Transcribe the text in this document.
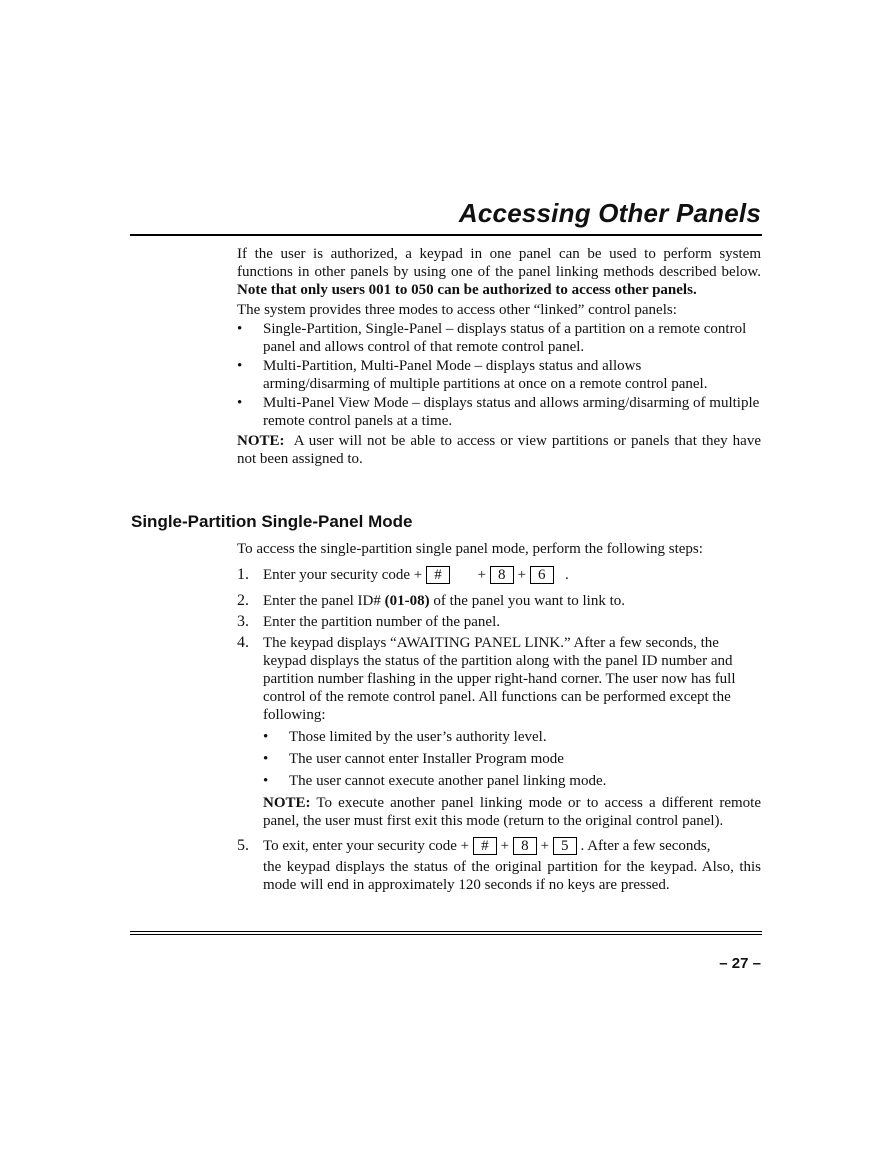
Accessing Other Panels

If the user is authorized, a keypad in one panel can be used to perform system functions in other panels by using one of the panel linking methods described below. Note that only users 001 to 050 can be authorized to access other panels.

The system provides three modes to access other “linked” control panels:

• Single-Partition, Single-Panel – displays status of a partition on a remote control panel and allows control of that remote control panel.
• Multi-Partition, Multi-Panel Mode – displays status and allows arming/disarming of multiple partitions at once on a remote control panel.
• Multi-Panel View Mode – displays status and allows arming/disarming of multiple remote control panels at a time.

NOTE: A user will not be able to access or view partitions or panels that they have not been assigned to.

Single-Partition Single-Panel Mode

To access the single-partition single panel mode, perform the following steps:

1. Enter your security code + # + 8 + 6 .
2. Enter the panel ID# (01-08) of the panel you want to link to.
3. Enter the partition number of the panel.
4. The keypad displays “AWAITING PANEL LINK.” After a few seconds, the keypad displays the status of the partition along with the panel ID number and partition number flashing in the upper right-hand corner. The user now has full control of the remote control panel. All functions can be performed except the following:
• Those limited by the user’s authority level.
• The user cannot enter Installer Program mode
• The user cannot execute another panel linking mode.

NOTE: To execute another panel linking mode or to access a different remote panel, the user must first exit this mode (return to the original control panel).

5. To exit, enter your security code + # + 8 + 5 . After a few seconds,

the keypad displays the status of the original partition for the keypad. Also, this mode will end in approximately 120 seconds if no keys are pressed.

– 27 –
